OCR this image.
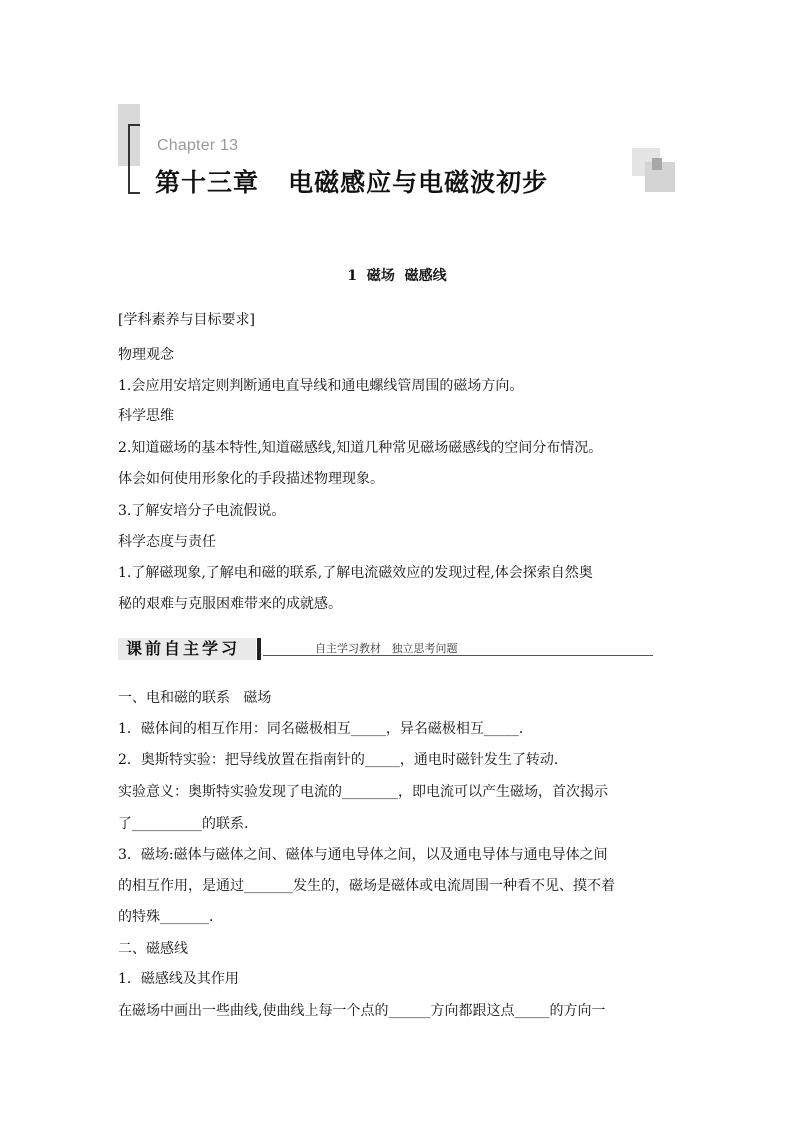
Chapter 13
第十三章   电磁感应与电磁波初步
1  磁场  磁感线
[学科素养与目标要求]
物理观念
1.会应用安培定则判断通电直导线和通电螺线管周围的磁场方向。
科学思维
2.知道磁场的基本特性,知道磁感线,知道几种常见磁场磁感线的空间分布情况。
体会如何使用形象化的手段描述物理现象。
3.了解安培分子电流假说。
科学态度与责任
1.了解磁现象,了解电和磁的联系,了解电流磁效应的发现过程,体会探索自然奥
秘的艰难与克服困难带来的成就感。
课前自主学习	自主学习教材   独立思考问题
一、电和磁的联系   磁场
1．磁体间的相互作用：同名磁极相互_____，异名磁极相互_____．
2．奥斯特实验：把导线放置在指南针的_____，通电时磁针发生了转动．
实验意义：奥斯特实验发现了电流的________，即电流可以产生磁场，首次揭示
了__________的联系．
3．磁场:磁体与磁体之间、磁体与通电导体之间，以及通电导体与通电导体之间
的相互作用，是通过_______发生的，磁场是磁体或电流周围一种看不见、摸不着
的特殊_______．
二、磁感线
1．磁感线及其作用
在磁场中画出一些曲线,使曲线上每一个点的______方向都跟这点_____的方向一
